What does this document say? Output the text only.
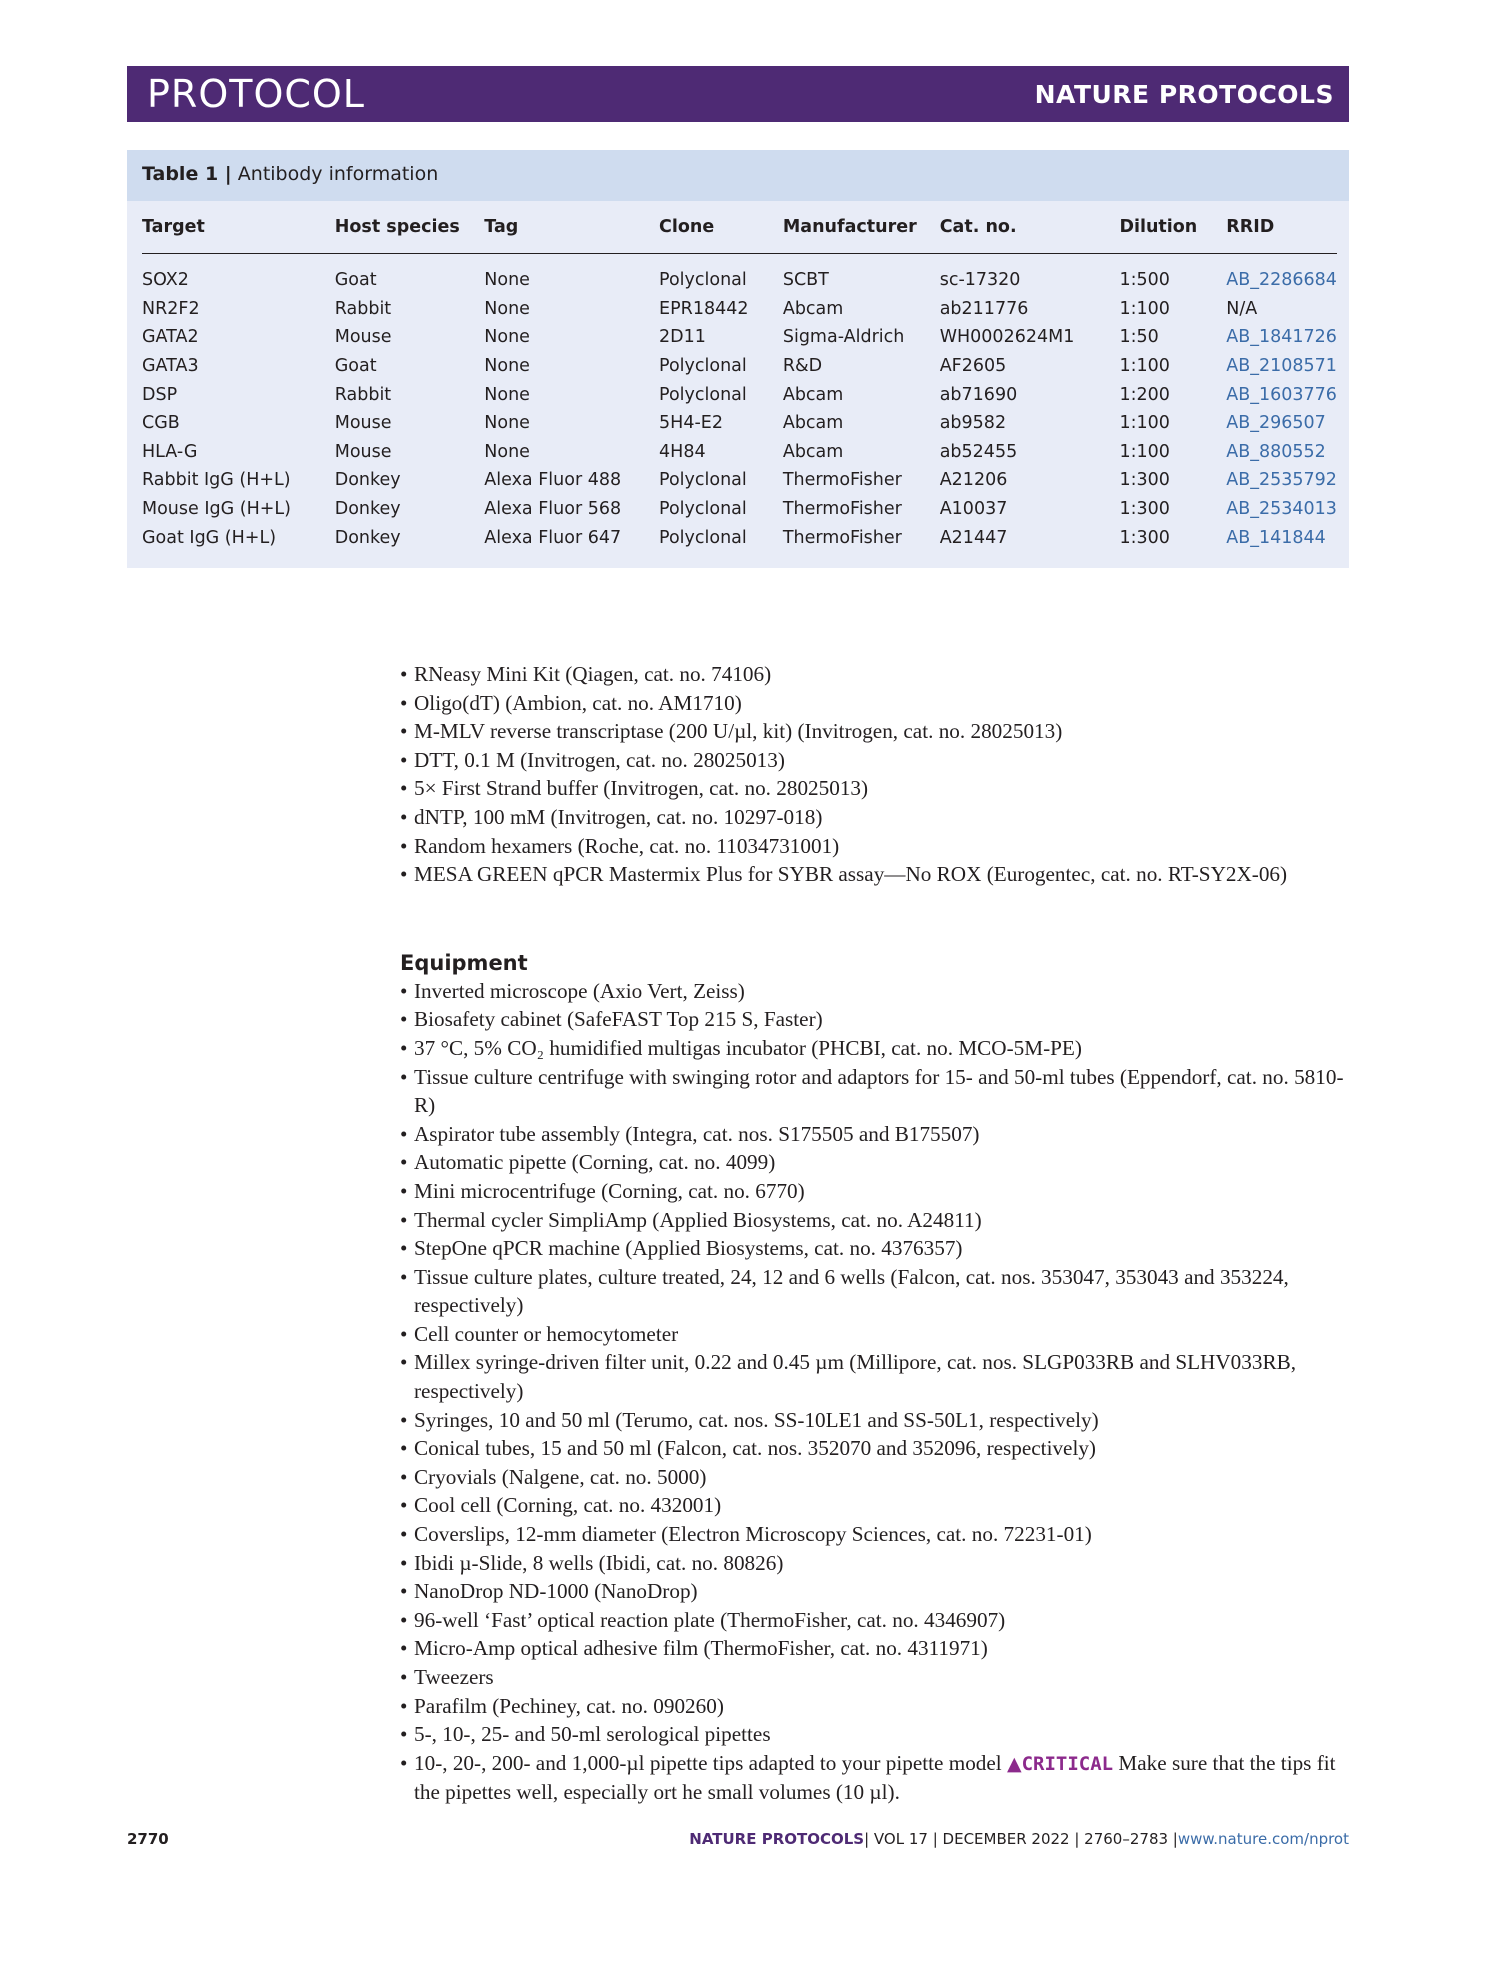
PROTOCOL	NATURE PROTOCOLS
Table 1 | Antibody information
Target	Host species	Tag	Clone	Manufacturer	Cat. no.	Dilution	RRID

SOX2	Goat	None	Polyclonal	SCBT	sc-17320	1:500	AB_2286684
NR2F2	Rabbit	None	EPR18442	Abcam	ab211776	1:100	N/A
GATA2	Mouse	None	2D11	Sigma-Aldrich	WH0002624M1	1:50	AB_1841726
GATA3	Goat	None	Polyclonal	R&D	AF2605	1:100	AB_2108571
DSP	Rabbit	None	Polyclonal	Abcam	ab71690	1:200	AB_1603776
CGB	Mouse	None	5H4-E2	Abcam	ab9582	1:100	AB_296507
HLA-G	Mouse	None	4H84	Abcam	ab52455	1:100	AB_880552
Rabbit IgG (H+L)	Donkey	Alexa Fluor 488	Polyclonal	ThermoFisher	A21206	1:300	AB_2535792
Mouse IgG (H+L)	Donkey	Alexa Fluor 568	Polyclonal	ThermoFisher	A10037	1:300	AB_2534013
Goat IgG (H+L)	Donkey	Alexa Fluor 647	Polyclonal	ThermoFisher	A21447	1:300	AB_141844
• RNeasy Mini Kit (Qiagen, cat. no. 74106)
• Oligo(dT) (Ambion, cat. no. AM1710)
• M-MLV reverse transcriptase (200 U/µl, kit) (Invitrogen, cat. no. 28025013)
• DTT, 0.1 M (Invitrogen, cat. no. 28025013)
• 5× First Strand buffer (Invitrogen, cat. no. 28025013)
• dNTP, 100 mM (Invitrogen, cat. no. 10297-018)
• Random hexamers (Roche, cat. no. 11034731001)
• MESA GREEN qPCR Mastermix Plus for SYBR assay—No ROX (Eurogentec, cat. no. RT-SY2X-06)
Equipment
• Inverted microscope (Axio Vert, Zeiss)
• Biosafety cabinet (SafeFAST Top 215 S, Faster)
• 37 °C, 5% CO₂ humidified multigas incubator (PHCBI, cat. no. MCO-5M-PE)
• Tissue culture centrifuge with swinging rotor and adaptors for 15- and 50-ml tubes (Eppendorf, cat. no. 5810-R)
• Aspirator tube assembly (Integra, cat. nos. S175505 and B175507)
• Automatic pipette (Corning, cat. no. 4099)
• Mini microcentrifuge (Corning, cat. no. 6770)
• Thermal cycler SimpliAmp (Applied Biosystems, cat. no. A24811)
• StepOne qPCR machine (Applied Biosystems, cat. no. 4376357)
• Tissue culture plates, culture treated, 24, 12 and 6 wells (Falcon, cat. nos. 353047, 353043 and 353224, respectively)
• Cell counter or hemocytometer
• Millex syringe-driven filter unit, 0.22 and 0.45 µm (Millipore, cat. nos. SLGP033RB and SLHV033RB, respectively)
• Syringes, 10 and 50 ml (Terumo, cat. nos. SS-10LE1 and SS-50L1, respectively)
• Conical tubes, 15 and 50 ml (Falcon, cat. nos. 352070 and 352096, respectively)
• Cryovials (Nalgene, cat. no. 5000)
• Cool cell (Corning, cat. no. 432001)
• Coverslips, 12-mm diameter (Electron Microscopy Sciences, cat. no. 72231-01)
• Ibidi µ-Slide, 8 wells (Ibidi, cat. no. 80826)
• NanoDrop ND-1000 (NanoDrop)
• 96-well ‘Fast’ optical reaction plate (ThermoFisher, cat. no. 4346907)
• Micro-Amp optical adhesive film (ThermoFisher, cat. no. 4311971)
• Tweezers
• Parafilm (Pechiney, cat. no. 090260)
• 5-, 10-, 25- and 50-ml serological pipettes
• 10-, 20-, 200- and 1,000-µl pipette tips adapted to your pipette model ▲CRITICAL Make sure that the tips fit the pipettes well, especially ort he small volumes (10 µl).
2770	NATURE PROTOCOLS| VOL 17 | DECEMBER 2022 | 2760–2783 |www.nature.com/nprot
